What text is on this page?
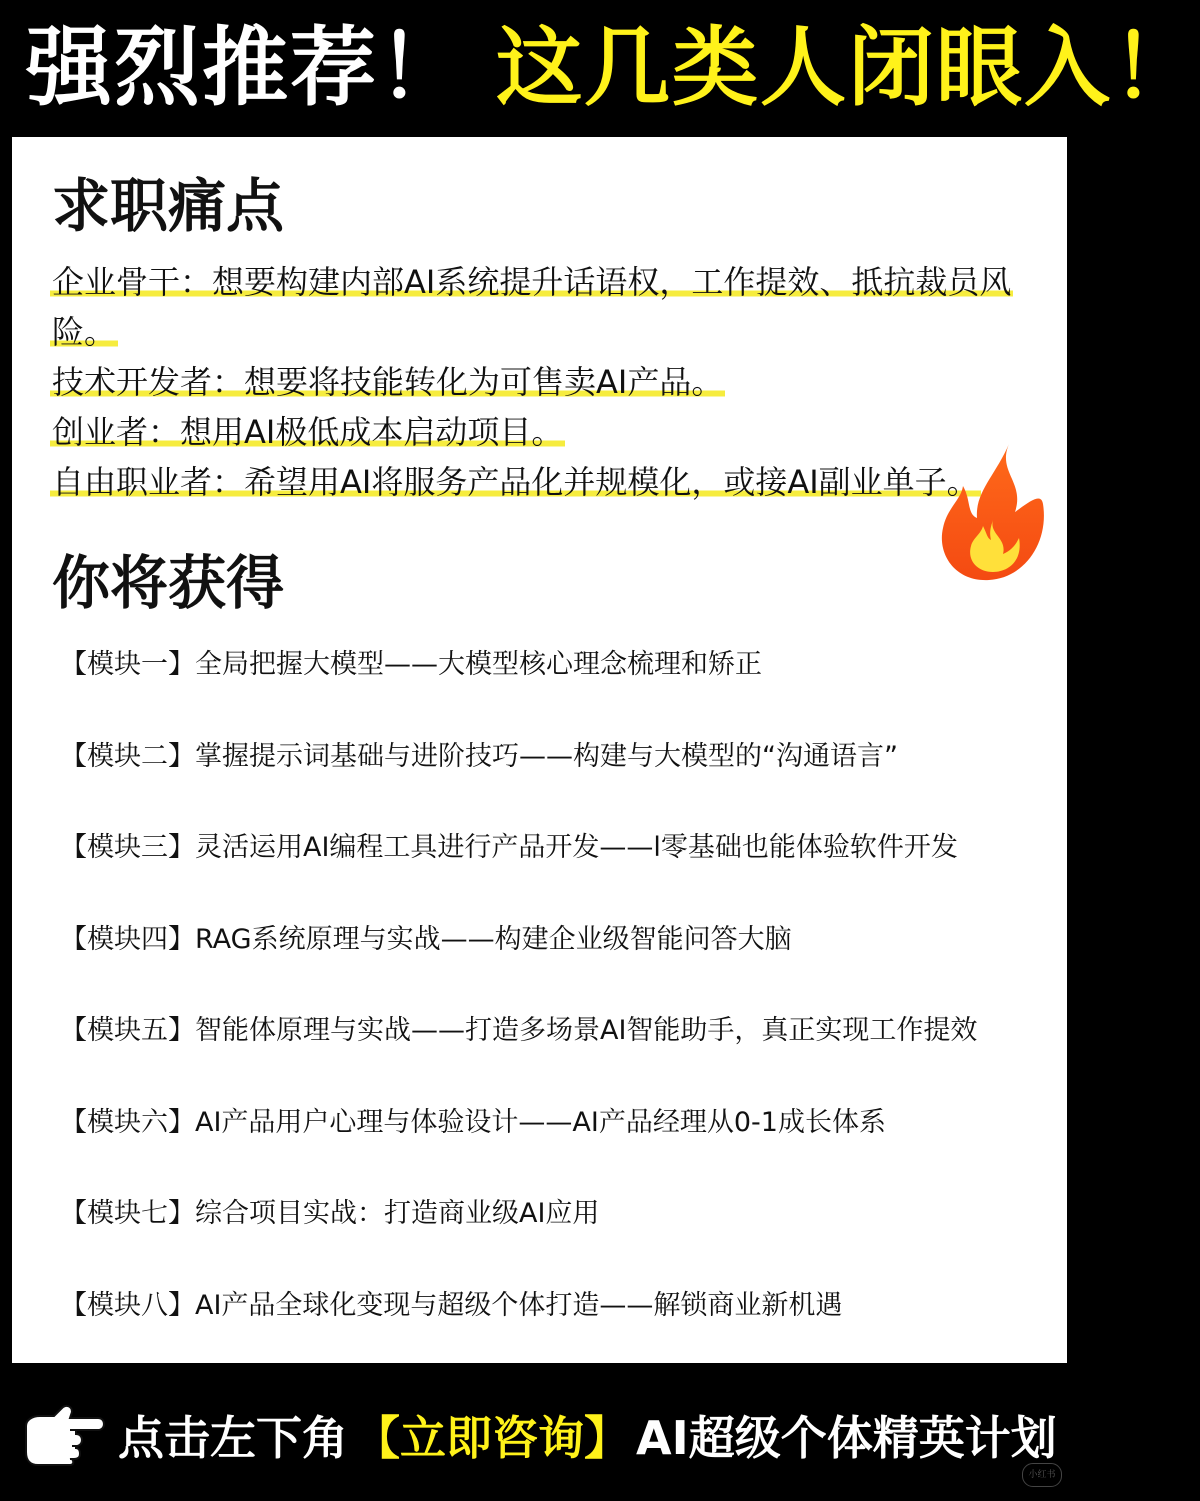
强烈推荐！ 这几类人闭眼入！
求职痛点
企业骨干：想要构建内部AI系统提升话语权，工作提效、抵抗裁员风险。
技术开发者：想要将技能转化为可售卖AI产品。
创业者：想用AI极低成本启动项目。
自由职业者：希望用AI将服务产品化并规模化，或接AI副业单子。
你将获得
【模块一】全局把握大模型——大模型核心理念梳理和矫正
【模块二】掌握提示词基础与进阶技巧——构建与大模型的“沟通语言”
【模块三】灵活运用AI编程工具进行产品开发——l零基础也能体验软件开发
【模块四】RAG系统原理与实战——构建企业级智能问答大脑
【模块五】智能体原理与实战——打造多场景AI智能助手，真正实现工作提效
【模块六】AI产品用户心理与体验设计——AI产品经理从0-1成长体系
【模块七】综合项目实战：打造商业级AI应用
【模块八】AI产品全球化变现与超级个体打造——解锁商业新机遇
点击左下角 【立即咨询】 AI超级个体精英计划
小红书
